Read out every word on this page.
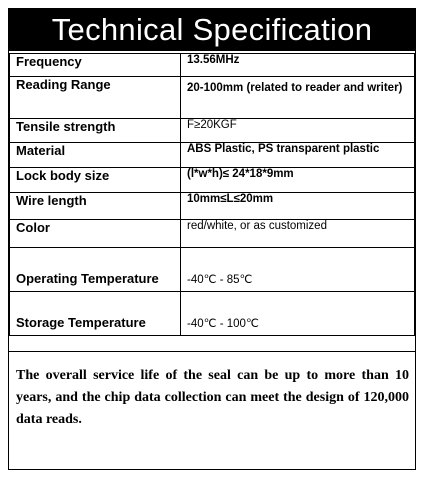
Technical Specification
Frequency	13.56MHz
Reading Range	20-100mm (related to reader and writer)
Tensile strength	F≥20KGF
Material	ABS Plastic, PS transparent plastic
Lock body size	(l*w*h)≤ 24*18*9mm
Wire length	10mm≤L≤20mm
Color	red/white, or as customized
Operating Temperature	-40℃ - 85℃
Storage Temperature	-40℃ - 100℃
The overall service life of the seal can be up to more than 10 years, and the chip data collection can meet the design of 120,000 data reads.
